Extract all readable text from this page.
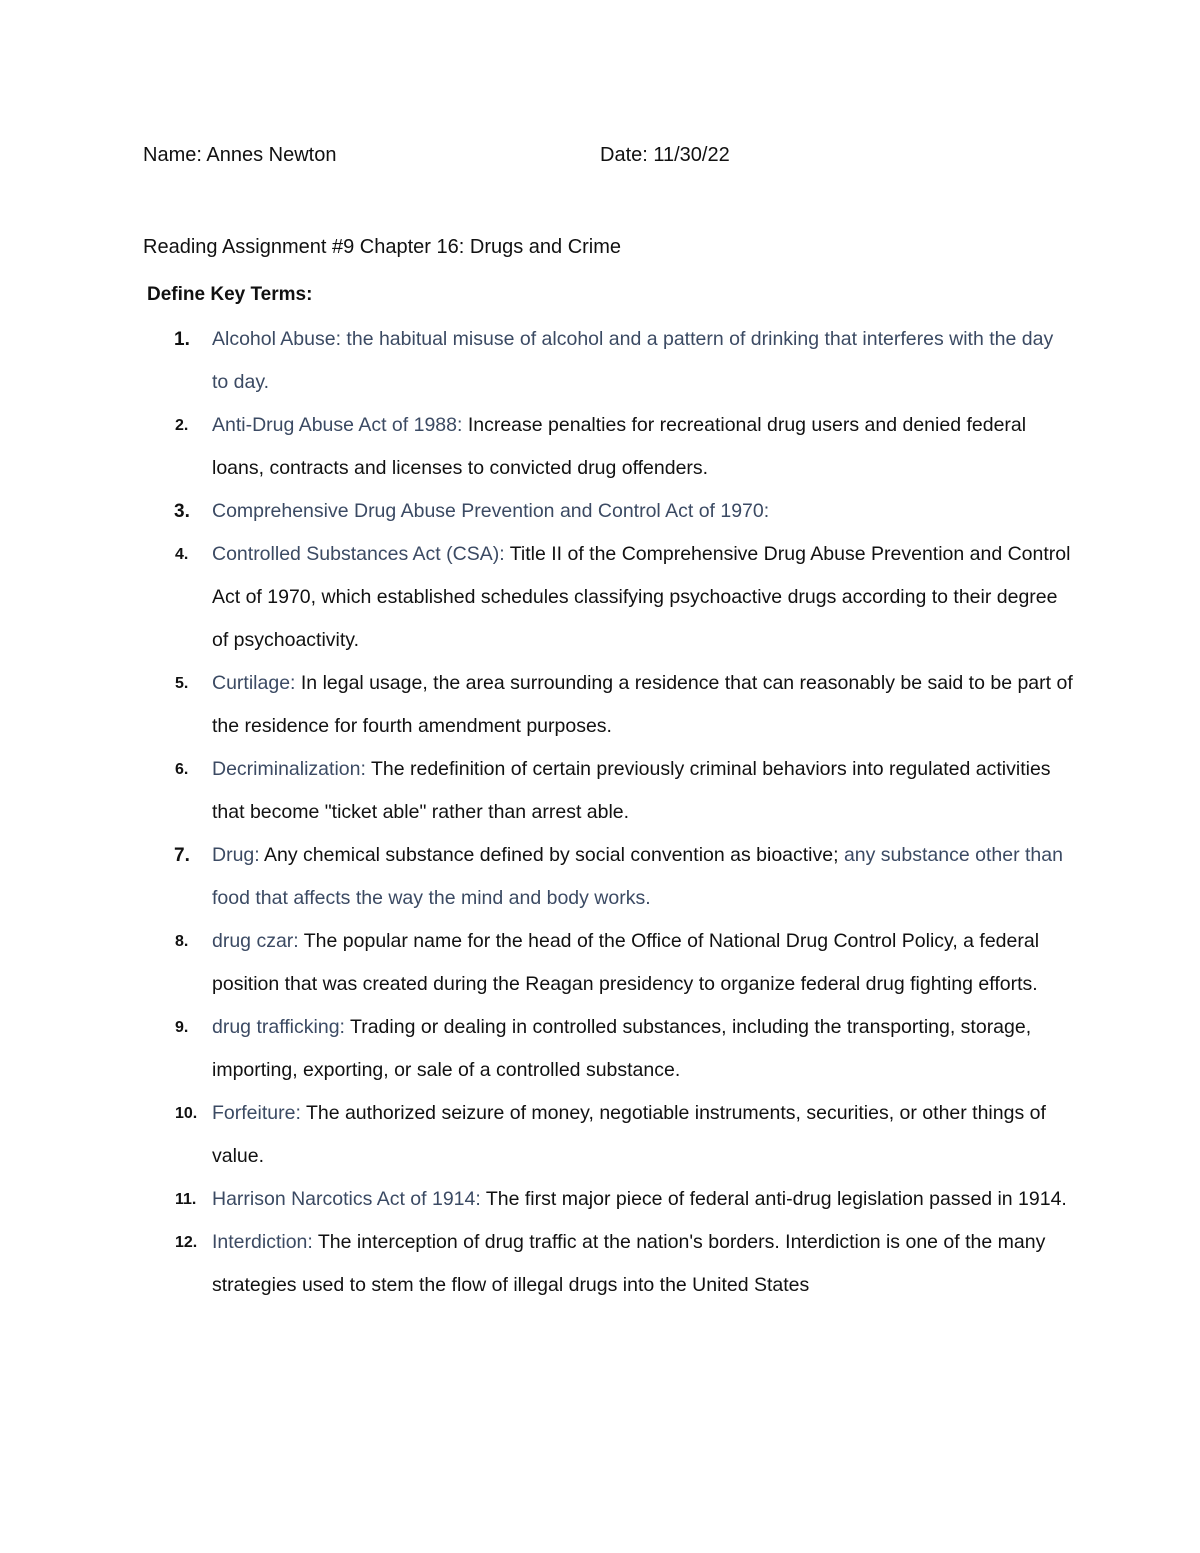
Name: Annes Newton	Date: 11/30/22
Reading Assignment #9 Chapter 16: Drugs and Crime
Define Key Terms:
1. Alcohol Abuse: the habitual misuse of alcohol and a pattern of drinking that interferes with the day to day.
2. Anti-Drug Abuse Act of 1988: Increase penalties for recreational drug users and denied federal loans, contracts and licenses to convicted drug offenders.
3. Comprehensive Drug Abuse Prevention and Control Act of 1970:
4. Controlled Substances Act (CSA): Title II of the Comprehensive Drug Abuse Prevention and Control Act of 1970, which established schedules classifying psychoactive drugs according to their degree of psychoactivity.
5. Curtilage: In legal usage, the area surrounding a residence that can reasonably be said to be part of the residence for fourth amendment purposes.
6. Decriminalization: The redefinition of certain previously criminal behaviors into regulated activities that become "ticket able" rather than arrest able.
7. Drug: Any chemical substance defined by social convention as bioactive; any substance other than food that affects the way the mind and body works.
8. drug czar: The popular name for the head of the Office of National Drug Control Policy, a federal position that was created during the Reagan presidency to organize federal drug fighting efforts.
9. drug trafficking: Trading or dealing in controlled substances, including the transporting, storage, importing, exporting, or sale of a controlled substance.
10. Forfeiture: The authorized seizure of money, negotiable instruments, securities, or other things of value.
11. Harrison Narcotics Act of 1914: The first major piece of federal anti-drug legislation passed in 1914.
12. Interdiction: The interception of drug traffic at the nation's borders. Interdiction is one of the many strategies used to stem the flow of illegal drugs into the United States
